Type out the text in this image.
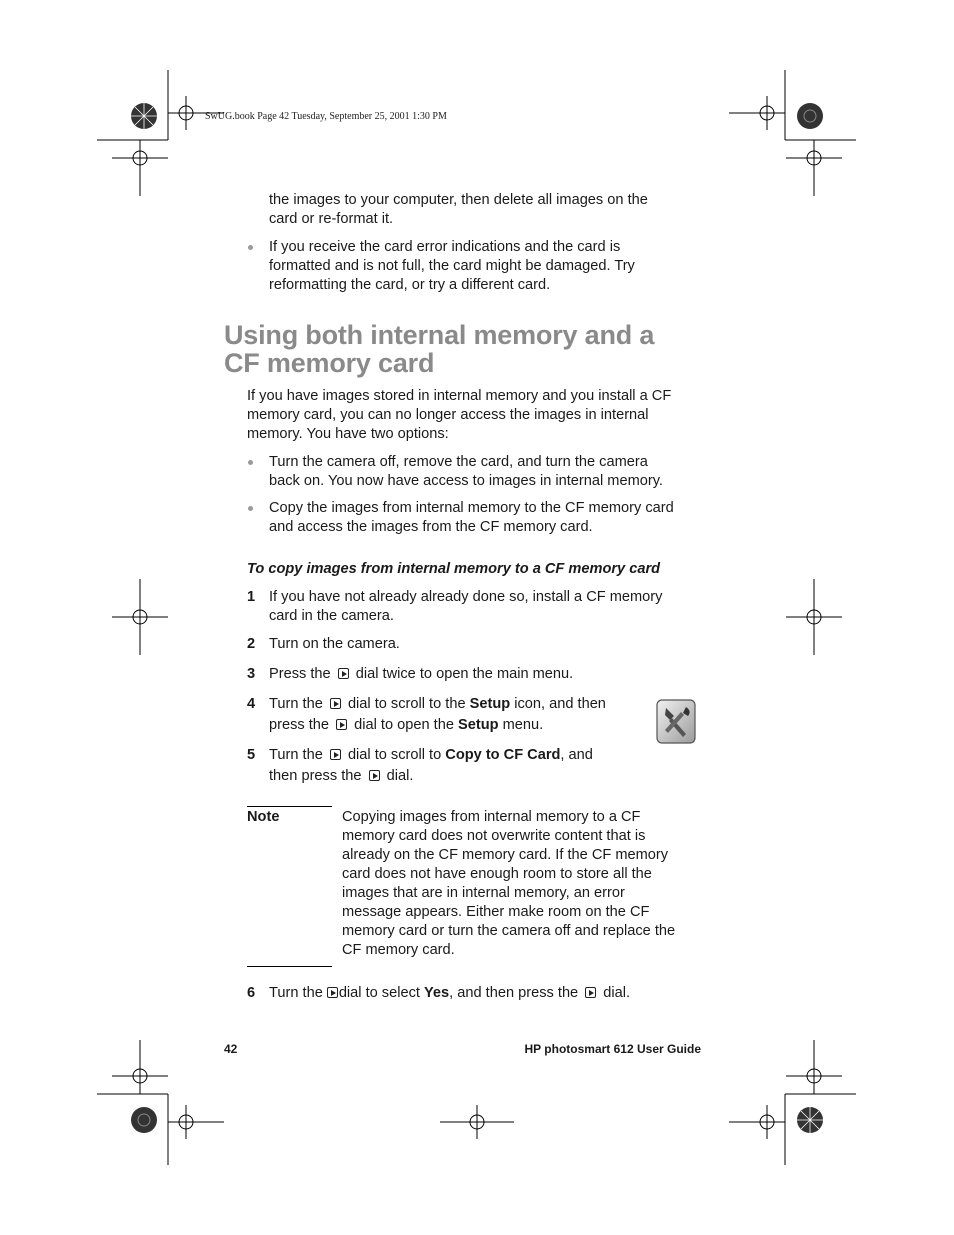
SwUG.book Page 42 Tuesday, September 25, 2001 1:30 PM
the images to your computer, then delete all images on the
card or re-format it.
If you receive the card error indications and the card is
formatted and is not full, the card might be damaged. Try
reformatting the card, or try a different card.
Using both internal memory and a
CF memory card
If you have images stored in internal memory and you install a CF
memory card, you can no longer access the images in internal
memory. You have two options:
Turn the camera off, remove the card, and turn the camera
back on. You now have access to images in internal memory.
Copy the images from internal memory to the CF memory card
and access the images from the CF memory card.
To copy images from internal memory to a CF memory card
1 If you have not already already done so, install a CF memory
card in the camera.
2 Turn on the camera.
3 Press the dial twice to open the main menu.
4 Turn the dial to scroll to the Setup icon, and then
press the dial to open the Setup menu.
5 Turn the dial to scroll to Copy to CF Card, and
then press the dial.
Note	Copying images from internal memory to a CF
memory card does not overwrite content that is
already on the CF memory card. If the CF memory
card does not have enough room to store all the
images that are in internal memory, an error
message appears. Either make room on the CF
memory card or turn the camera off and replace the
CF memory card.
6 Turn the dial to select Yes, and then press the dial.
42	HP photosmart 612 User Guide
